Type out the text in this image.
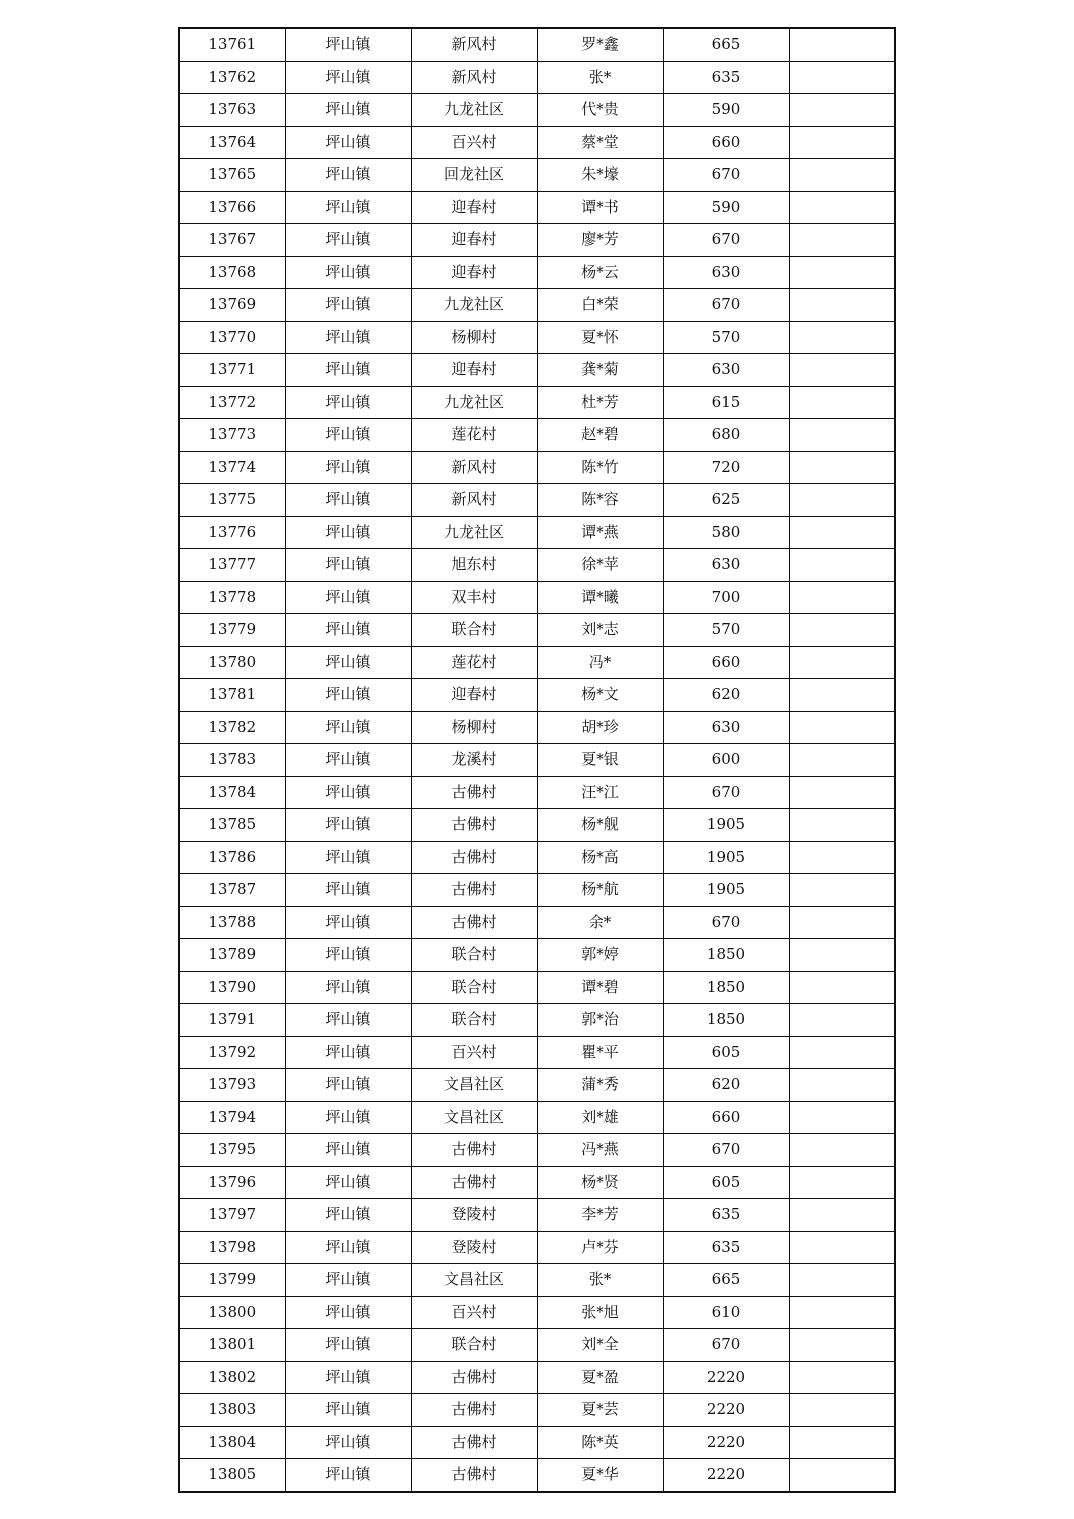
13761	坪山镇	新风村	罗*鑫	665	
13762	坪山镇	新风村	张*	635	
13763	坪山镇	九龙社区	代*贵	590	
13764	坪山镇	百兴村	蔡*堂	660	
13765	坪山镇	回龙社区	朱*壕	670	
13766	坪山镇	迎春村	谭*书	590	
13767	坪山镇	迎春村	廖*芳	670	
13768	坪山镇	迎春村	杨*云	630	
13769	坪山镇	九龙社区	白*荣	670	
13770	坪山镇	杨柳村	夏*怀	570	
13771	坪山镇	迎春村	龚*菊	630	
13772	坪山镇	九龙社区	杜*芳	615	
13773	坪山镇	莲花村	赵*碧	680	
13774	坪山镇	新风村	陈*竹	720	
13775	坪山镇	新风村	陈*容	625	
13776	坪山镇	九龙社区	谭*燕	580	
13777	坪山镇	旭东村	徐*苹	630	
13778	坪山镇	双丰村	谭*曦	700	
13779	坪山镇	联合村	刘*志	570	
13780	坪山镇	莲花村	冯*	660	
13781	坪山镇	迎春村	杨*文	620	
13782	坪山镇	杨柳村	胡*珍	630	
13783	坪山镇	龙溪村	夏*银	600	
13784	坪山镇	古佛村	汪*江	670	
13785	坪山镇	古佛村	杨*舰	1905	
13786	坪山镇	古佛村	杨*高	1905	
13787	坪山镇	古佛村	杨*航	1905	
13788	坪山镇	古佛村	余*	670	
13789	坪山镇	联合村	郭*婷	1850	
13790	坪山镇	联合村	谭*碧	1850	
13791	坪山镇	联合村	郭*治	1850	
13792	坪山镇	百兴村	瞿*平	605	
13793	坪山镇	文昌社区	蒲*秀	620	
13794	坪山镇	文昌社区	刘*雄	660	
13795	坪山镇	古佛村	冯*燕	670	
13796	坪山镇	古佛村	杨*贤	605	
13797	坪山镇	登陵村	李*芳	635	
13798	坪山镇	登陵村	卢*芬	635	
13799	坪山镇	文昌社区	张*	665	
13800	坪山镇	百兴村	张*旭	610	
13801	坪山镇	联合村	刘*全	670	
13802	坪山镇	古佛村	夏*盈	2220	
13803	坪山镇	古佛村	夏*芸	2220	
13804	坪山镇	古佛村	陈*英	2220	
13805	坪山镇	古佛村	夏*华	2220	
